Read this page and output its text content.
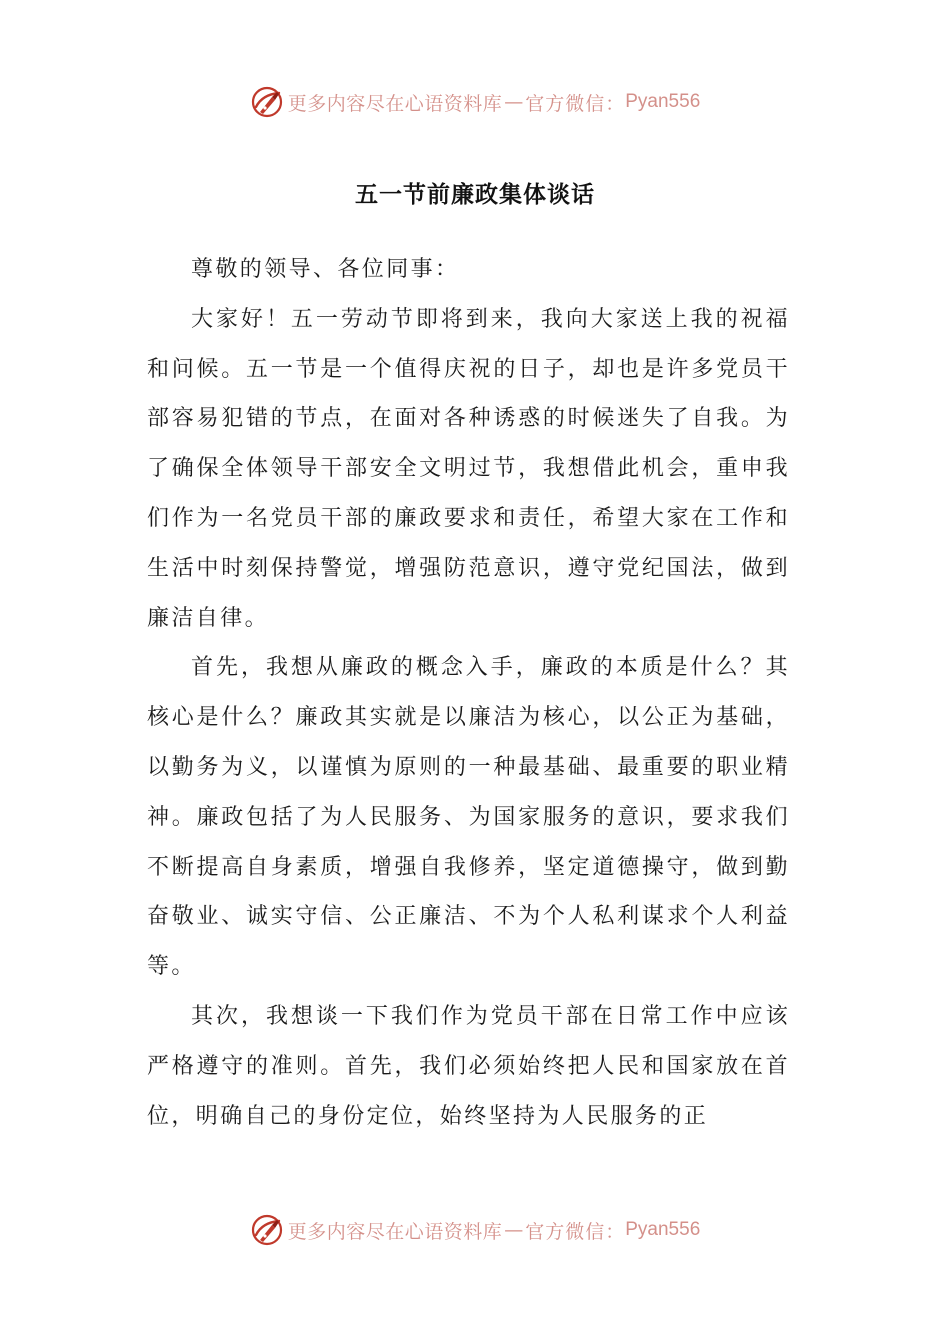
更多内容尽在心语资料库 — 官方微信： Pyan556
五一节前廉政集体谈话

尊敬的领导、各位同事：

大家好！五一劳动节即将到来，我向大家送上我的祝福和问候。五一节是一个值得庆祝的日子，却也是许多党员干部容易犯错的节点，在面对各种诱惑的时候迷失了自我。为了确保全体领导干部安全文明过节，我想借此机会，重申我们作为一名党员干部的廉政要求和责任，希望大家在工作和生活中时刻保持警觉，增强防范意识，遵守党纪国法，做到廉洁自律。

首先，我想从廉政的概念入手，廉政的本质是什么？其核心是什么？廉政其实就是以廉洁为核心，以公正为基础，以勤务为义，以谨慎为原则的一种最基础、最重要的职业精神。廉政包括了为人民服务、为国家服务的意识，要求我们不断提高自身素质，增强自我修养，坚定道德操守，做到勤奋敬业、诚实守信、公正廉洁、不为个人私利谋求个人利益等。

其次，我想谈一下我们作为党员干部在日常工作中应该严格遵守的准则。首先，我们必须始终把人民和国家放在首位，明确自己的身份定位，始终坚持为人民服务的正

更多内容尽在心语资料库 — 官方微信： Pyan556
